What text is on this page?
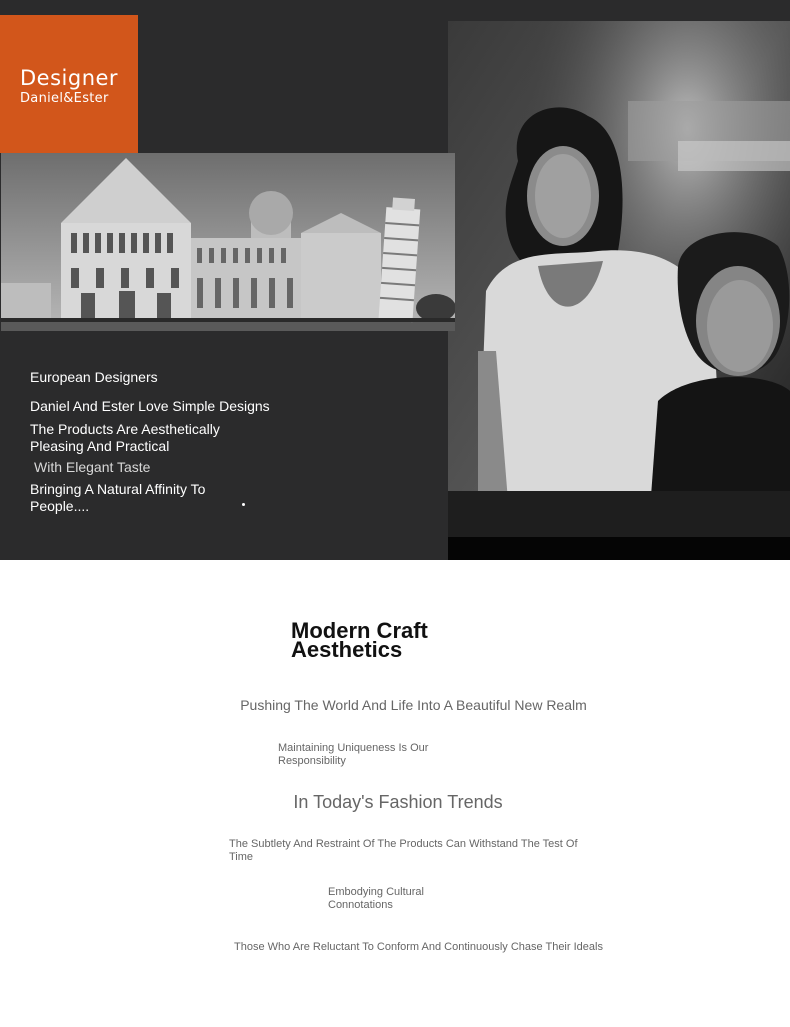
Designer
Daniel&Ester

European Designers

Daniel And Ester Love Simple Designs

The Products Are Aesthetically Pleasing And Practical

With Elegant Taste

Bringing A Natural Affinity To People....

Modern Craft Aesthetics

Pushing The World And Life Into A Beautiful New Realm

Maintaining Uniqueness Is Our Responsibility

In Today's Fashion Trends

The Subtlety And Restraint Of The Products Can Withstand The Test Of Time

Embodying Cultural Connotations

Those Who Are Reluctant To Conform And Continuously Chase Their Ideals
